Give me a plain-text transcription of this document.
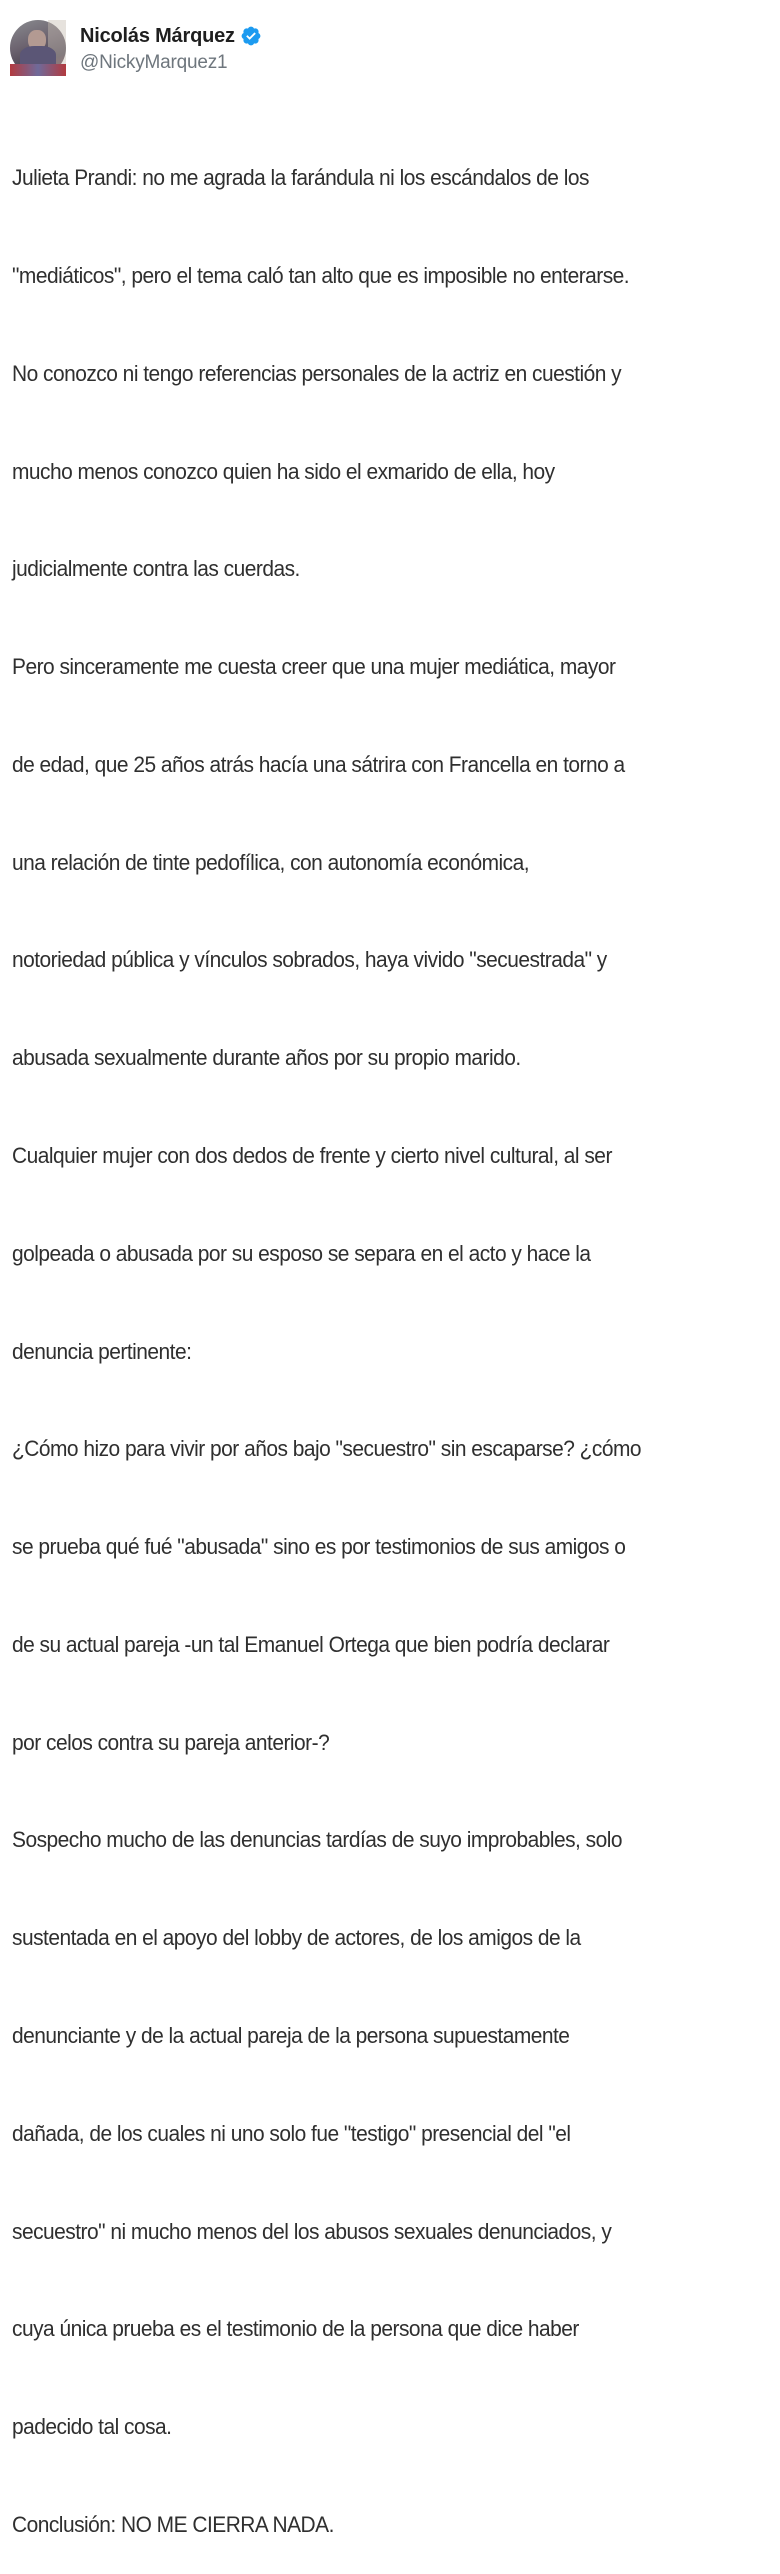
Nicolás Márquez
@NickyMarquez1

Julieta Prandi: no me agrada la farándula ni los escándalos de los

"mediáticos", pero el tema caló tan alto que es imposible no enterarse.

No conozco ni tengo referencias personales de la actriz en cuestión y

mucho menos conozco quien ha sido el exmarido de ella, hoy

judicialmente contra las cuerdas.

Pero sinceramente me cuesta creer que una mujer mediática, mayor

de edad, que 25 años atrás hacía una sátrira con Francella en torno a

una relación de tinte pedofílica, con autonomía económica,

notoriedad pública y vínculos sobrados, haya vivido "secuestrada" y

abusada sexualmente durante años por su propio marido.

Cualquier mujer con dos dedos de frente y cierto nivel cultural, al ser

golpeada o abusada por su esposo se separa en el acto y hace la

denuncia pertinente:

¿Cómo hizo para vivir por años bajo "secuestro" sin escaparse? ¿cómo

se prueba qué fué "abusada" sino es por testimonios de sus amigos o

de su actual pareja -un tal Emanuel Ortega que bien podría declarar

por celos contra su pareja anterior-?

Sospecho mucho de las denuncias tardías de suyo improbables, solo

sustentada en el apoyo del lobby de actores, de los amigos de la

denunciante y de la actual pareja de la persona supuestamente

dañada, de los cuales ni uno solo fue "testigo" presencial del "el

secuestro" ni mucho menos del los abusos sexuales denunciados, y

cuya única prueba es el testimonio de la persona que dice haber

padecido tal cosa.

Conclusión: NO ME CIERRA NADA.
